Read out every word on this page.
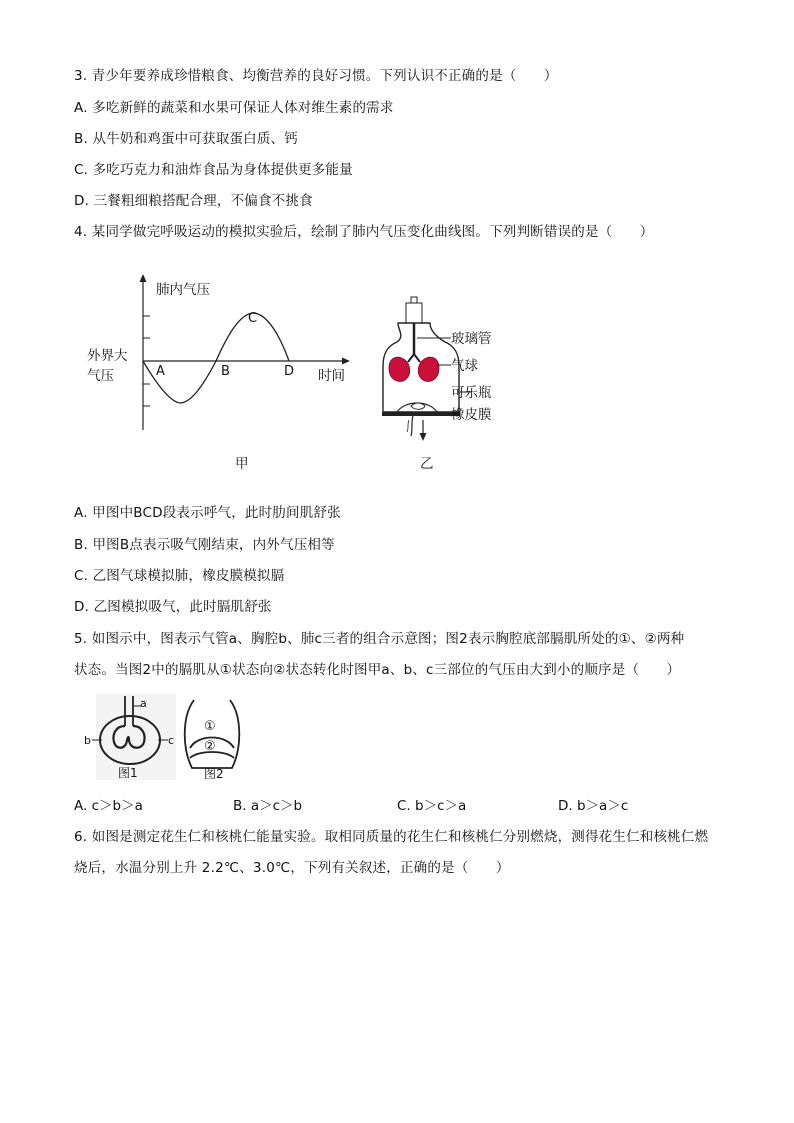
3. 青少年要养成珍惜粮食、均衡营养的良好习惯。下列认识不正确的是（　　）
A. 多吃新鲜的蔬菜和水果可保证人体对维生素的需求
B. 从牛奶和鸡蛋中可获取蛋白质、钙
C. 多吃巧克力和油炸食品为身体提供更多能量
D. 三餐粗细粮搭配合理，不偏食不挑食
4. 某同学做完呼吸运动的模拟实验后，绘制了肺内气压变化曲线图。下列判断错误的是（　　）
肺内气压
时间
外界大
气压	A	B
C
D
甲
玻璃管
气球
可乐瓶
橡皮膜
乙
A. 甲图中BCD段表示呼气，此时肋间肌舒张
B. 甲图B点表示吸气刚结束，内外气压相等
C. 乙图气球模拟肺，橡皮膜模拟膈
D. 乙图模拟吸气，此时膈肌舒张
5. 如图示中，图表示气管a、胸腔b、肺c三者的组合示意图；图2表示胸腔底部膈肌所处的①、②两种
状态。当图2中的膈肌从①状态向②状态转化时图甲a、b、c三部位的气压由大到小的顺序是（　　）
a
b	c
图1
①
②
图2
A. c＞b＞a	B. a＞c＞b	C. b＞c＞a	D. b＞a＞c
6. 如图是测定花生仁和核桃仁能量实验。取相同质量的花生仁和核桃仁分别燃烧，测得花生仁和核桃仁燃
烧后，水温分别上升 2.2℃、3.0℃，下列有关叙述，正确的是（　　）
